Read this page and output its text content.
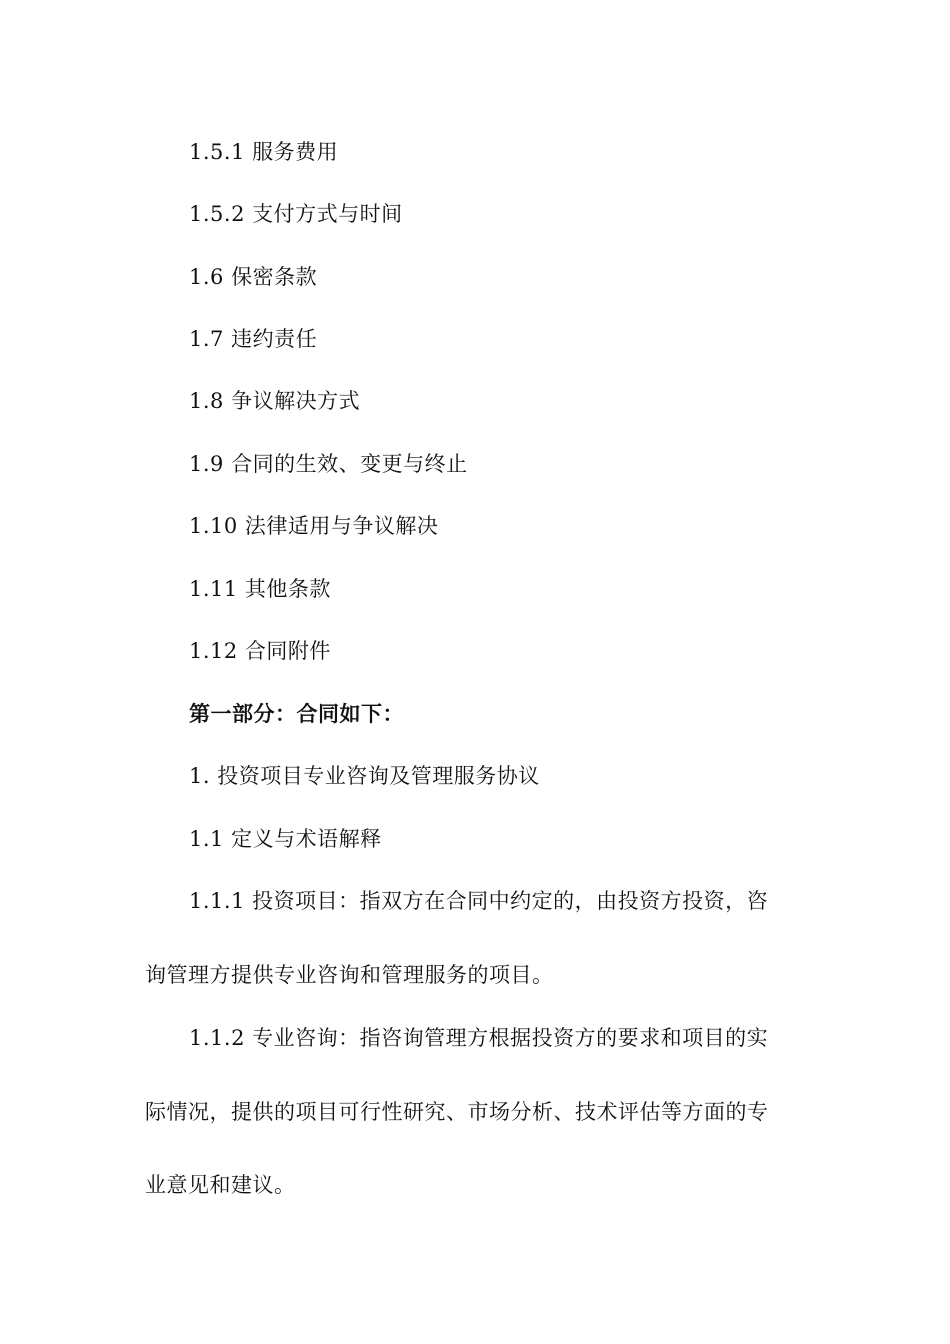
1.5.1 服务费用
1.5.2 支付方式与时间
1.6 保密条款
1.7 违约责任
1.8 争议解决方式
1.9 合同的生效、变更与终止
1.10 法律适用与争议解决
1.11 其他条款
1.12 合同附件
第一部分：合同如下：
1. 投资项目专业咨询及管理服务协议
1.1 定义与术语解释
1.1.1 投资项目：指双方在合同中约定的，由投资方投资，咨
询管理方提供专业咨询和管理服务的项目。
1.1.2 专业咨询：指咨询管理方根据投资方的要求和项目的实
际情况，提供的项目可行性研究、市场分析、技术评估等方面的专
业意见和建议。
